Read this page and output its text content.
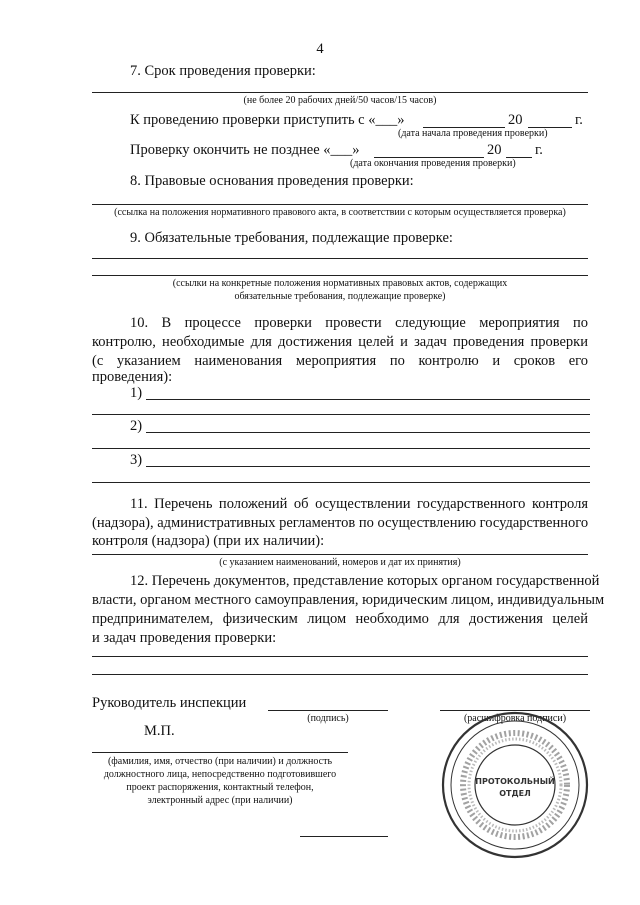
4
7. Срок проведения проверки:
(не более 20 рабочих дней/50 часов/15 часов)
К проведению проверки приступить с «___»	20	г.
(дата начала проведения проверки)
Проверку окончить не позднее «___»	20 г.
(дата окончания проведения проверки)
8. Правовые основания проведения проверки:
(ссылка на положения нормативного правового акта, в соответствии с которым осуществляется проверка)
9. Обязательные требования, подлежащие проверке:
(ссылки на конкретные положения нормативных правовых актов, содержащих
обязательные требования, подлежащие проверке)
10. В процессе проверки провести следующие мероприятия по
контролю, необходимые для достижения целей и задач проведения проверки
(с указанием наименования мероприятия по контролю и сроков его
проведения):
1)
2)
3)
11. Перечень положений об осуществлении государственного контроля
(надзора), административных регламентов по осуществлению государственного
контроля (надзора) (при их наличии):
(с указанием наименований, номеров и дат их принятия)
12. Перечень документов, представление которых органом государственной
власти, органом местного самоуправления, юридическим лицом, индивидуальным
предпринимателем, физическим лицом необходимо для достижения целей
и задач проведения проверки:
Руководитель инспекции
(подпись)	(расшифровка подписи)
М.П.
(фамилия, имя, отчество (при наличии) и должность
должностного лица, непосредственно подготовившего
проект распоряжения, контактный телефон,
электронный адрес (при наличии)
ПРОТОКОЛЬНЫЙ
ОТДЕЛ
